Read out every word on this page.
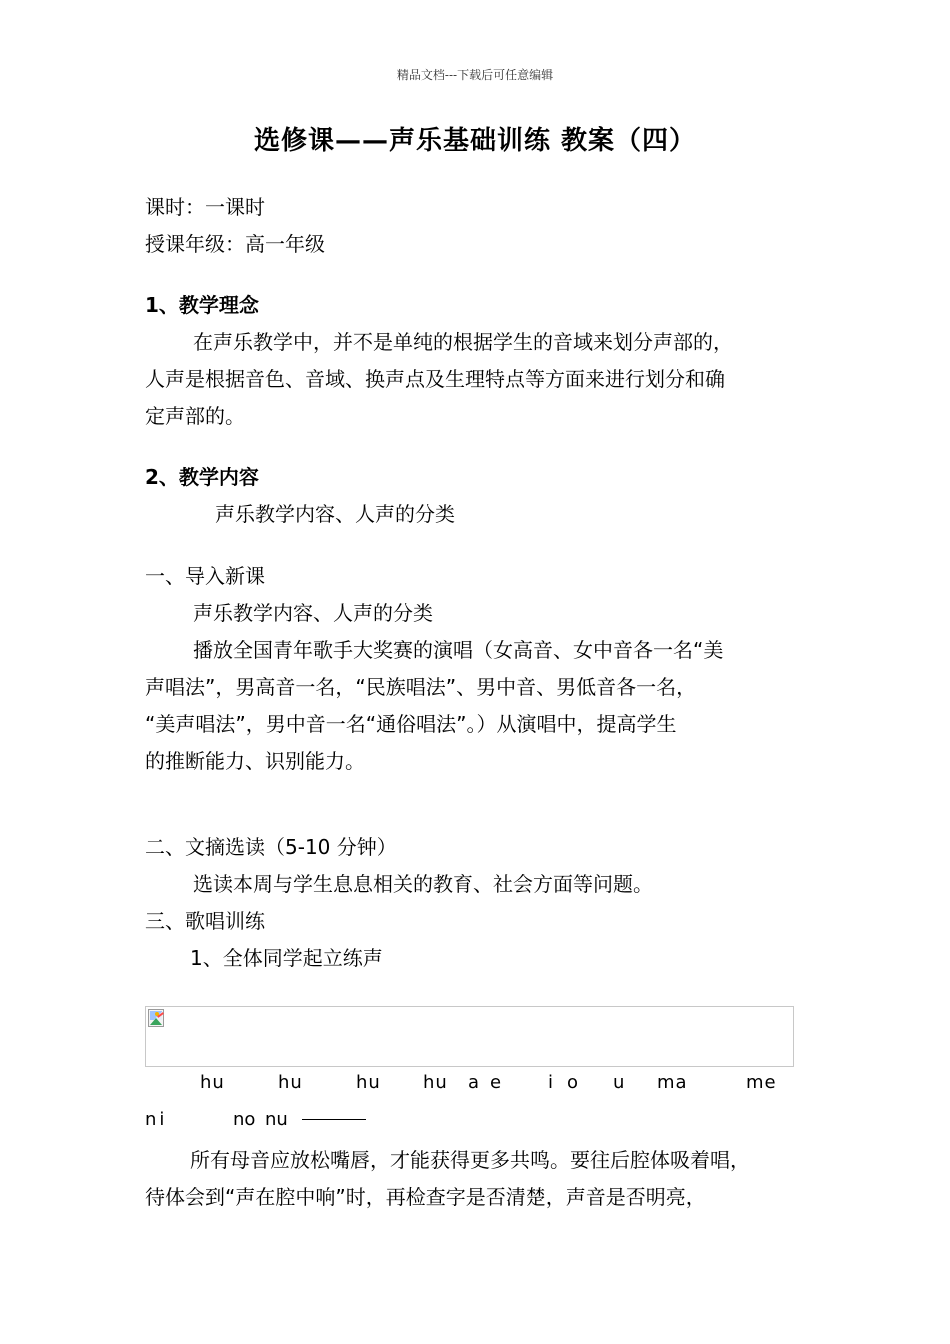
精品文档---下载后可任意编辑
选修课——声乐基础训练 教案（四）
课时：一课时
授课年级：高一年级
1、教学理念
在声乐教学中，并不是单纯的根据学生的音域来划分声部的，
人声是根据音色、音域、换声点及生理特点等方面来进行划分和确
定声部的。
2、教学内容
声乐教学内容、人声的分类
一、导入新课
声乐教学内容、人声的分类
播放全国青年歌手大奖赛的演唱（女高音、女中音各一名“美
声唱法”，男高音一名，“民族唱法”、男中音、男低音各一名，
“美声唱法”，男中音一名“通俗唱法”。）从演唱中，提高学生
的推断能力、识别能力。
二、文摘选读（5-10 分钟）
选读本周与学生息息相关的教育、社会方面等问题。
三、歌唱训练
1、全体同学起立练声
hu	hu	hu hu a e	i o u ma	me
ni	no nu
所有母音应放松嘴唇，才能获得更多共鸣。要往后腔体吸着唱，
待体会到“声在腔中响”时，再检查字是否清楚，声音是否明亮，
